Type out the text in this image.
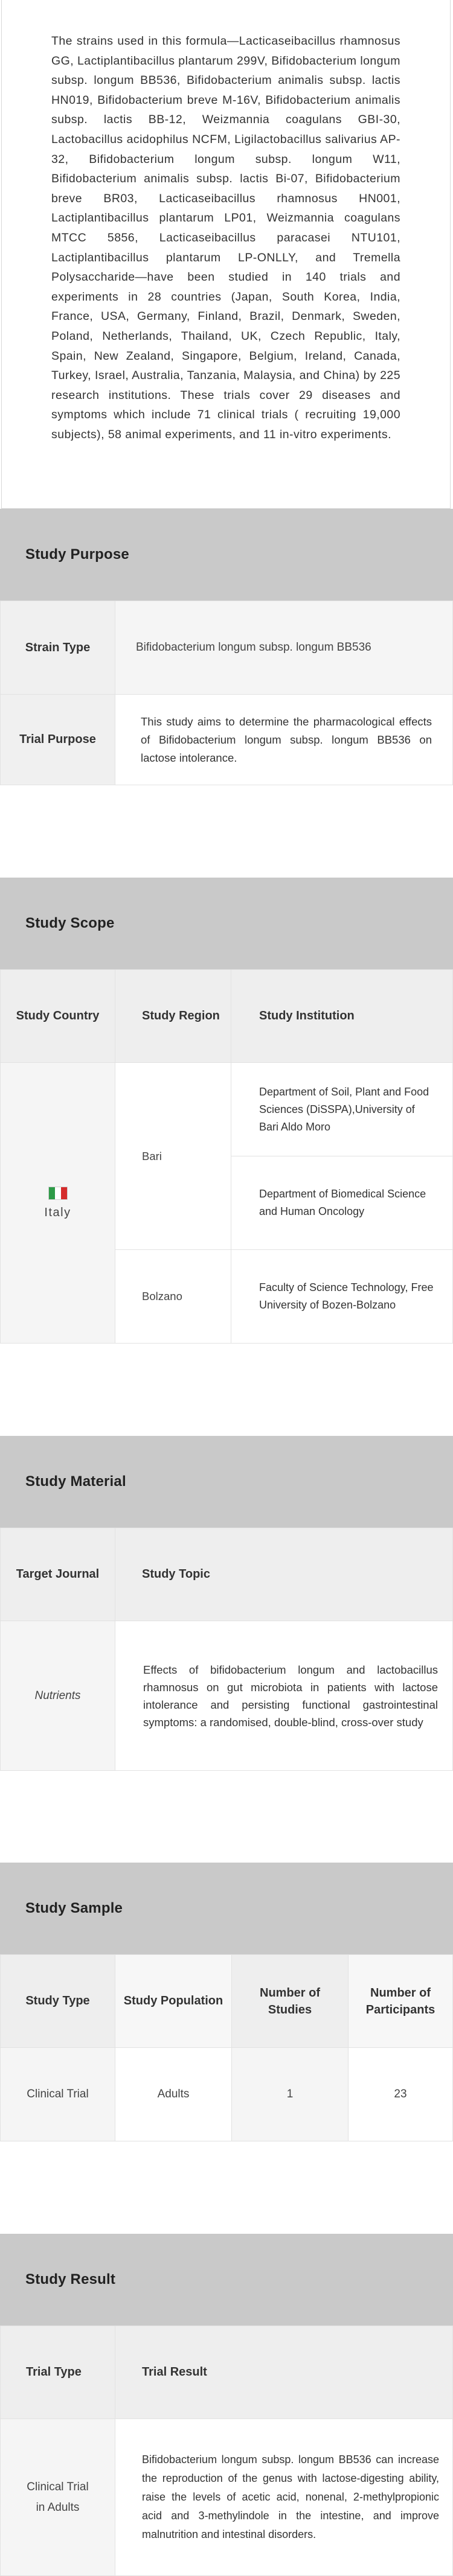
The strains used in this formula—Lacticaseibacillus rhamnosus GG, Lactiplantibacillus plantarum 299V, Bifidobacterium longum subsp. longum BB536, Bifidobacterium animalis subsp. lactis HN019, Bifidobacterium breve M-16V, Bifidobacterium animalis subsp. lactis BB-12, Weizmannia coagulans GBI-30, Lactobacillus acidophilus NCFM, Ligilactobacillus salivarius AP-32, Bifidobacterium longum subsp. longum W11, Bifidobacterium animalis subsp. lactis Bi-07, Bifidobacterium breve BR03, Lacticaseibacillus rhamnosus HN001, Lactiplantibacillus plantarum LP01, Weizmannia coagulans MTCC 5856, Lacticaseibacillus paracasei NTU101, Lactiplantibacillus plantarum LP-ONLLY, and Tremella Polysaccharide—have been studied in 140 trials and experiments in 28 countries (Japan, South Korea, India, France, USA, Germany, Finland, Brazil, Denmark, Sweden, Poland, Netherlands, Thailand, UK, Czech Republic, Italy, Spain, New Zealand, Singapore, Belgium, Ireland, Canada, Turkey, Israel, Australia, Tanzania, Malaysia, and China) by 225 research institutions. These trials cover 29 diseases and symptoms which include 71 clinical trials ( recruiting 19,000 subjects), 58 animal experiments, and 11 in-vitro experiments.
Study Purpose
Strain Type	Bifidobacterium longum subsp. longum BB536
Trial Purpose	This study aims to determine the pharmacological effects of Bifidobacterium longum subsp. longum BB536 on lactose intolerance.
Study Scope
Study Country	Study Region	Study Institution

Italy	Bari	Department of Soil, Plant and Food Sciences (DiSSPA),University of Bari Aldo Moro

		Department of Biomedical Science and Human Oncology

	Bolzano	Faculty of Science Technology, Free University of Bozen-Bolzano
Study Material
Target Journal	Study Topic
Nutrients	Effects of bifidobacterium longum and lactobacillus rhamnosus on gut microbiota in patients with lactose intolerance and persisting functional gastrointestinal symptoms: a randomised, double-blind, cross-over study
Study Sample
Study Type	Study Population	Number of Studies	Number of Participants
Clinical Trial	Adults	1	23
Study Result
Trial Type	Trial Result
Clinical Trial in Adults	Bifidobacterium longum subsp. longum BB536 can increase the reproduction of the genus with lactose-digesting ability, raise the levels of acetic acid, nonenal, 2-methylpropionic acid and 3-methylindole in the intestine, and improve malnutrition and intestinal disorders.
